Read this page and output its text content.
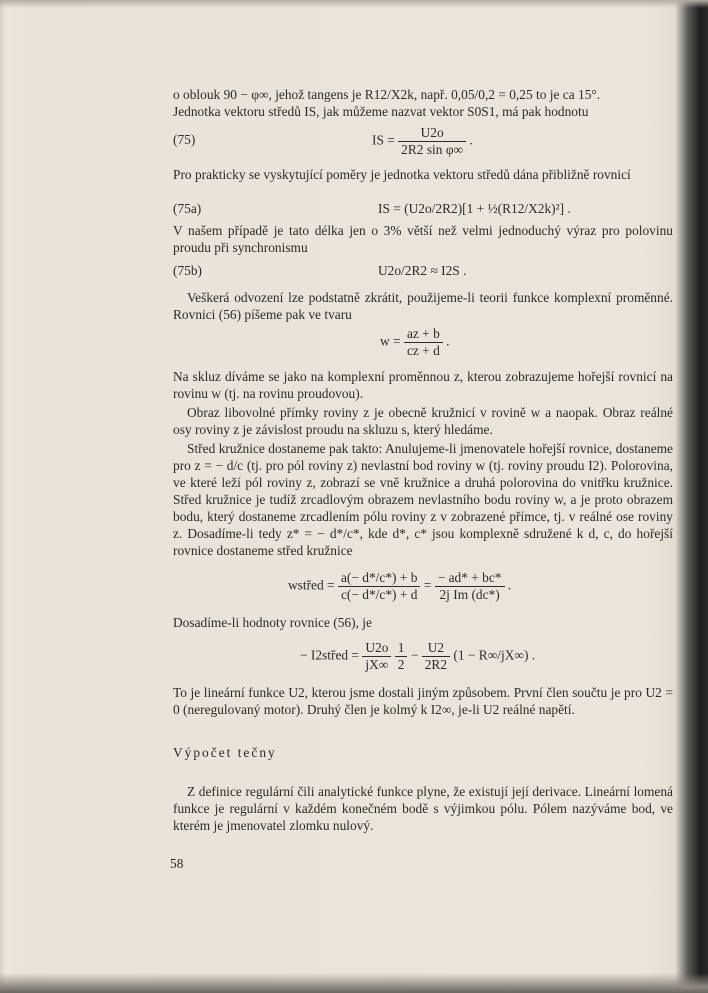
o oblouk 90 − φ∞, jehož tangens je R12/X2k, např. 0,05/0,2 = 0,25 to je ca 15°.
Jednotka vektoru středů IS, jak můžeme nazvat vektor S0S1, má pak hodnotu
(75)	IS = $\frac{U2o}{\text{2R2 sin φ∞}}$ .
Pro prakticky se vyskytující poměry je jednotka vektoru středů dána přibližně rovnicí
(75a)	IS = (U2o/2R2)[1 + ½(R12/X2k)²] .
V našem případě je tato délka jen o 3% větší než velmi jednoduchý výraz pro polovinu proudu při synchronismu
(75b)	U2o/2R2 ≈ I2S .
Veškerá odvození lze podstatně zkrátit, použijeme-li teorii funkce komplexní proměnné. Rovnici (56) píšeme pak ve tvaru
$w = \frac{az + b}{cz + d}$ .
Na skluz díváme se jako na komplexní proměnnou z, kterou zobrazujeme hořejší rovnicí na rovinu w (tj. na rovinu proudovou).
Obraz libovolné přímky roviny z je obecně kružnicí v rovině w a naopak. Obraz reálné osy roviny z je závislost proudu na skluzu s, který hledáme.
Střed kružnice dostaneme pak takto: Anulujeme-li jmenovatele hořejší rovnice, dostaneme pro z = − d/c (tj. pro pól roviny z) nevlastní bod roviny w (tj. roviny proudu I2). Polorovina, ve které leží pól roviny z, zobrazí se vně kružnice a druhá polorovina do vnitřku kružnice. Střed kružnice je tudíž zrcadlovým obrazem nevlastního bodu roviny w, a je proto obrazem bodu, který dostaneme zrcadlením pólu roviny z v zobrazené přímce, tj. v reálné ose roviny z. Dosadíme-li tedy z* = − d*/c*, kde d*, c* jsou komplexně sdružené k d, c, do hořejší rovnice dostaneme střed kružnice
wstřed = $\frac{a(- d*/c*) + b}{c(- d*/c*) + d} = \frac{- ad* + bc*}{\text{2j Im (dc*)}}$ .
Dosadíme-li hodnoty rovnice (56), je
− I2střed = $\frac{U2o}{jX\infty}$
$\frac{1}{2} - \frac{U2}{2R2} (1 - R\infty/jX\infty)$ .
To je lineární funkce U2, kterou jsme dostali jiným způsobem. První člen součtu je pro U2 = 0 (neregulovaný motor). Druhý člen je kolmý k I2∞, je-li U2 reálné napětí.
Výpočet tečny
Z definice regulární čili analytické funkce plyne, že existují její derivace. Lineární lomená funkce je regulární v každém konečném bodě s výjimkou pólu. Pólem nazýváme bod, ve kterém je jmenovatel zlomku nulový.
58
